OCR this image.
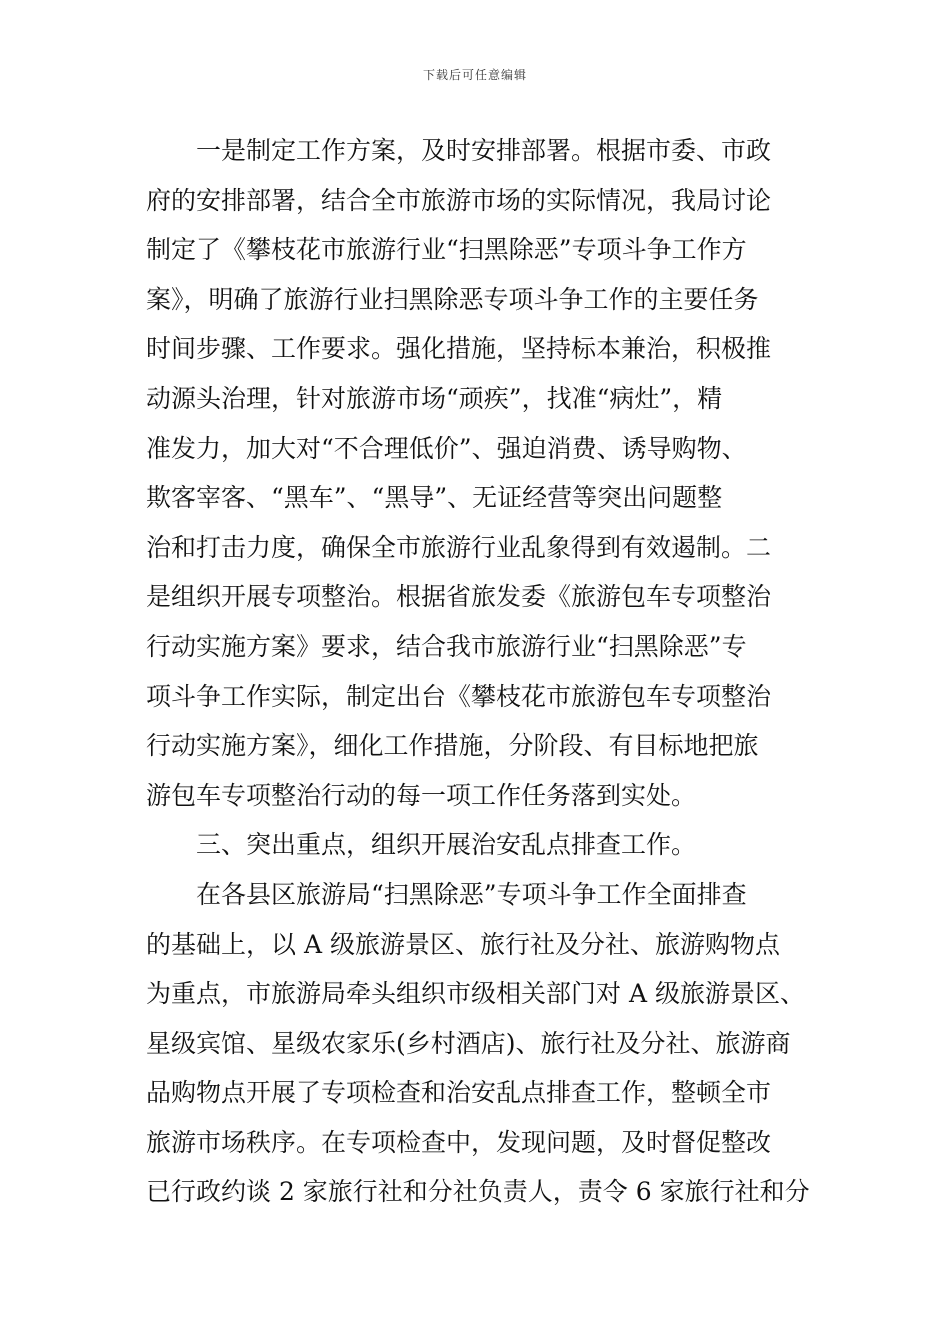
下载后可任意编辑
一是制定工作方案，及时安排部署。根据市委、市政
府的安排部署，结合全市旅游市场的实际情况，我局讨论
制定了《攀枝花市旅游行业“扫黑除恶”专项斗争工作方
案》，明确了旅游行业扫黑除恶专项斗争工作的主要任务
时间步骤、工作要求。强化措施，坚持标本兼治，积极推
动源头治理，针对旅游市场“顽疾”，找准“病灶”，精
准发力，加大对“不合理低价”、强迫消费、诱导购物、
欺客宰客、“黑车”、“黑导”、无证经营等突出问题整
治和打击力度，确保全市旅游行业乱象得到有效遏制。二
是组织开展专项整治。根据省旅发委《旅游包车专项整治
行动实施方案》要求，结合我市旅游行业“扫黑除恶”专
项斗争工作实际，制定出台《攀枝花市旅游包车专项整治
行动实施方案》，细化工作措施，分阶段、有目标地把旅
游包车专项整治行动的每一项工作任务落到实处。
三、突出重点，组织开展治安乱点排查工作。
在各县区旅游局“扫黑除恶”专项斗争工作全面排查
的基础上，以 A 级旅游景区、旅行社及分社、旅游购物点
为重点，市旅游局牵头组织市级相关部门对 A 级旅游景区、
星级宾馆、星级农家乐(乡村酒店)、旅行社及分社、旅游商
品购物点开展了专项检查和治安乱点排查工作，整顿全市
旅游市场秩序。在专项检查中，发现问题，及时督促整改
已行政约谈 2 家旅行社和分社负责人，责令 6 家旅行社和分
